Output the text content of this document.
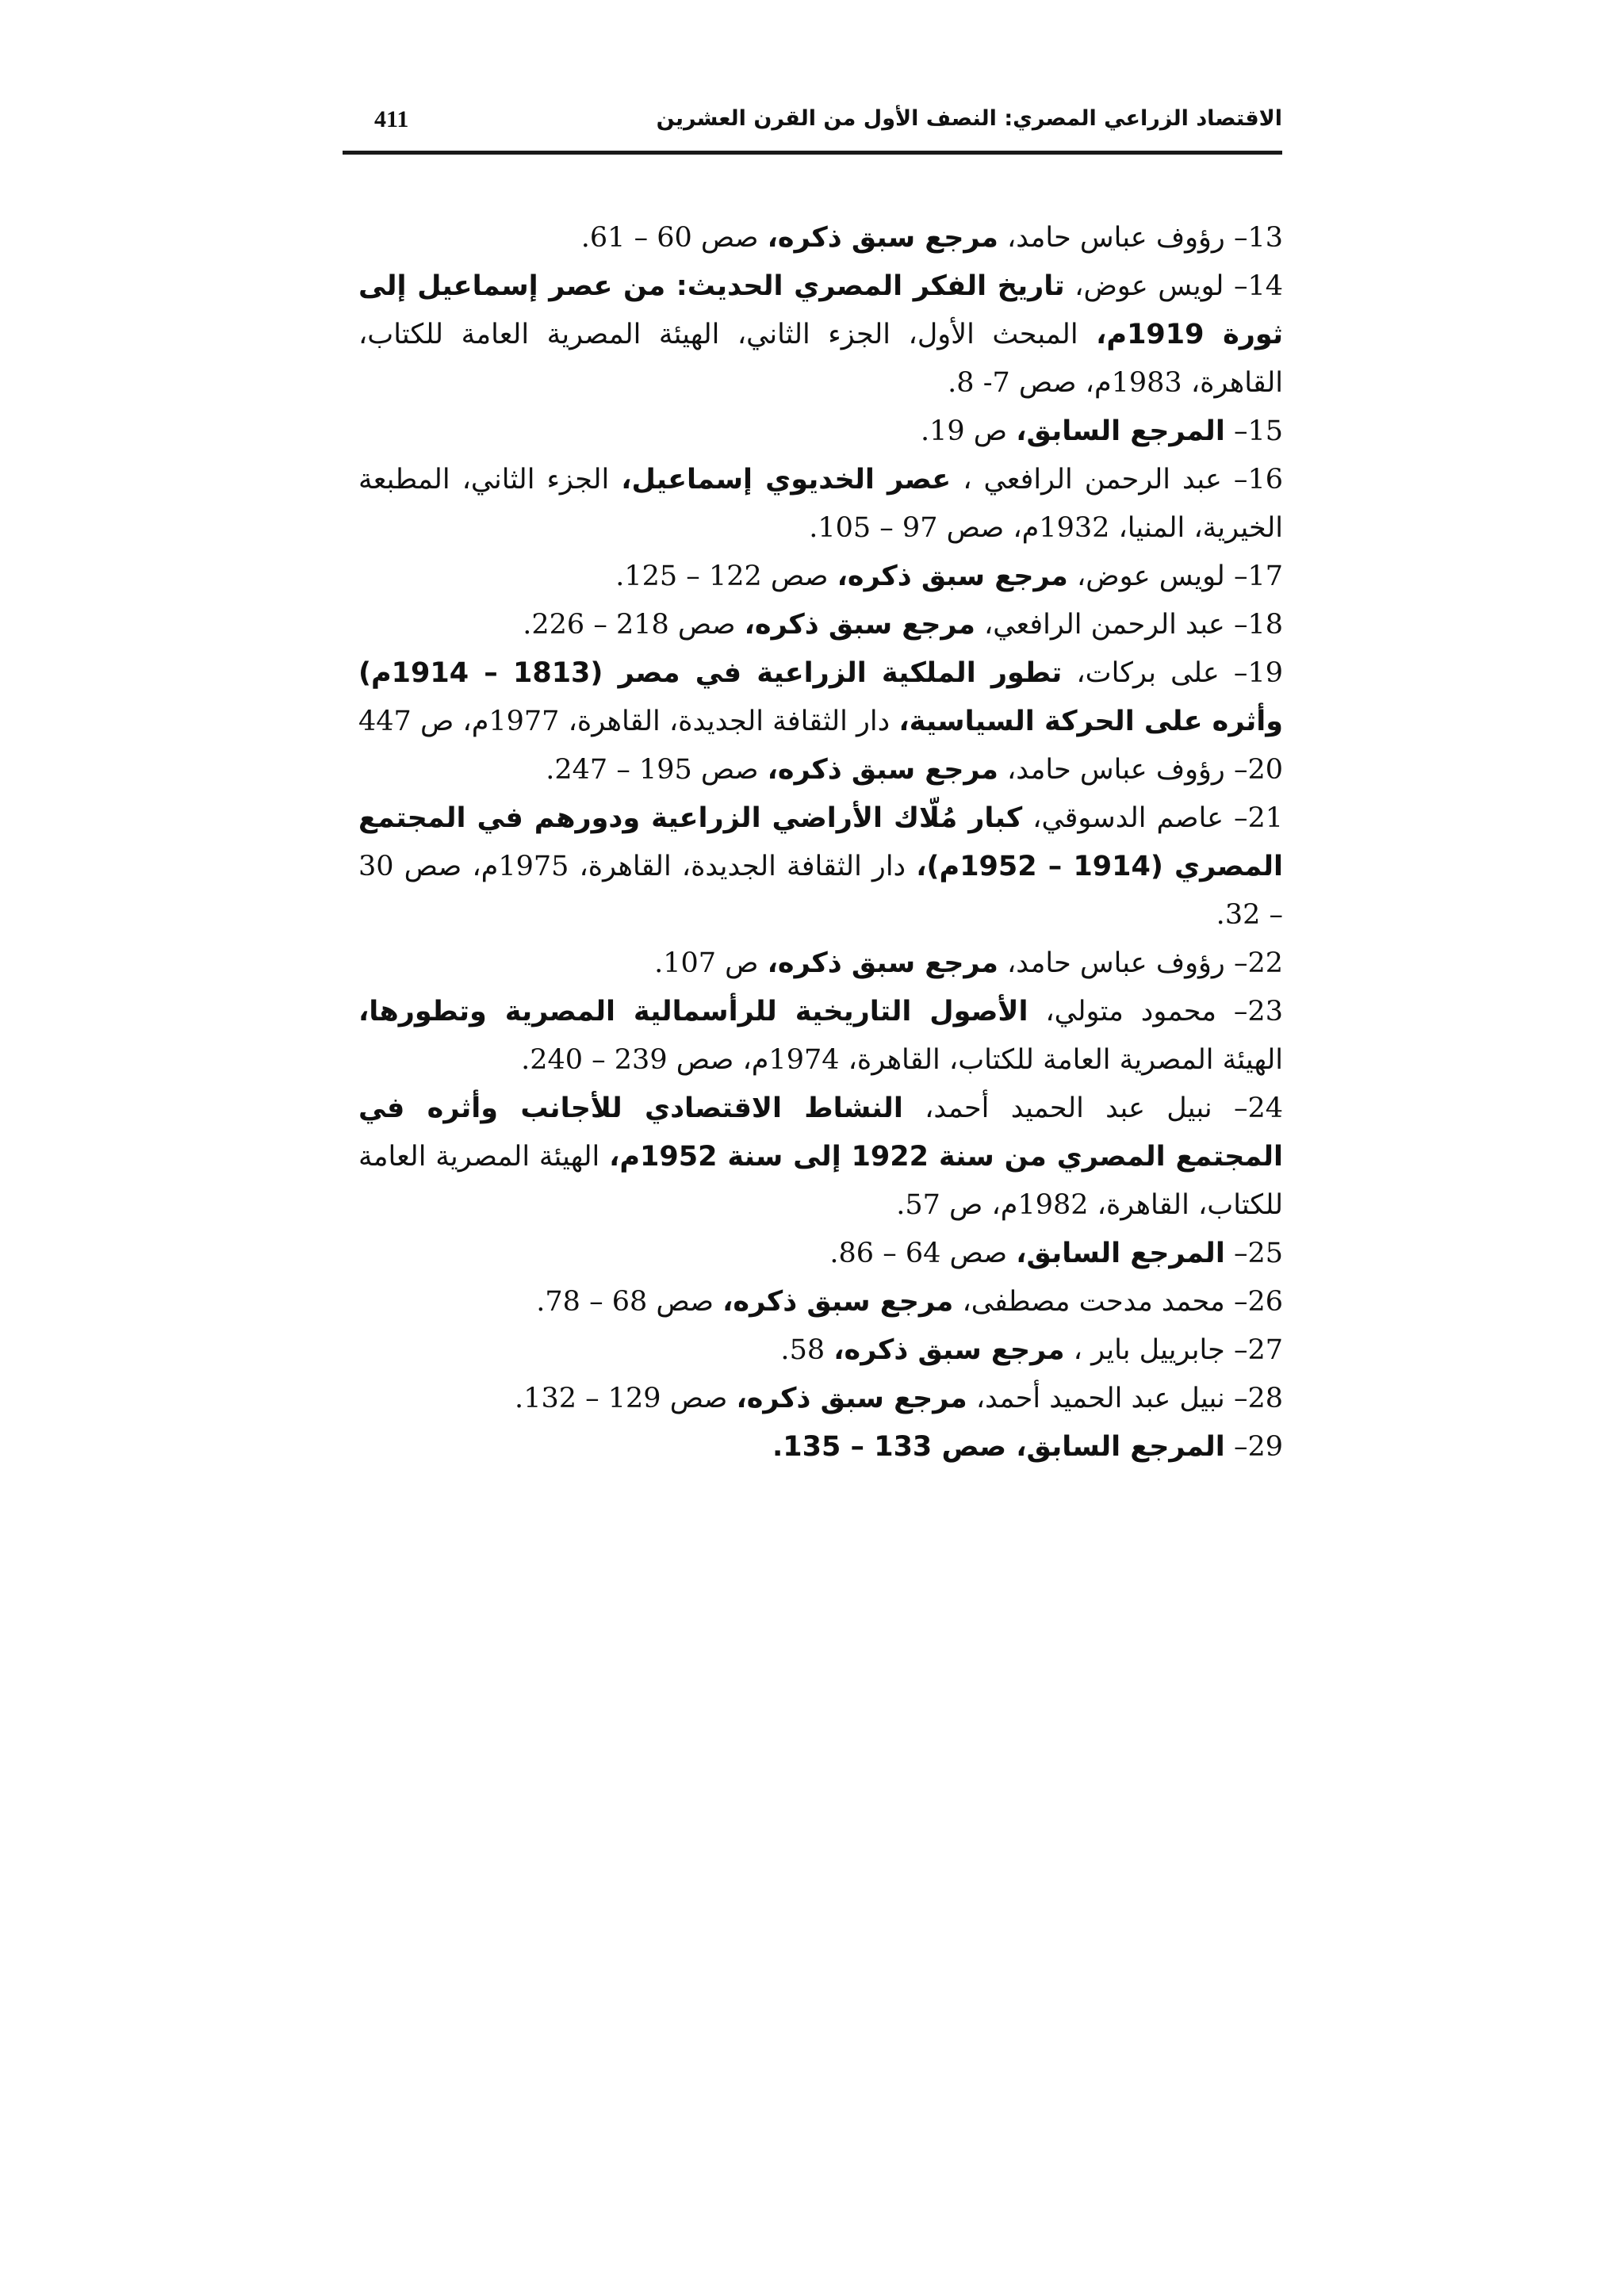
الاقتصاد الزراعي المصري: النصف الأول من القرن العشرين
411

13– رؤوف عباس حامد، مرجع سبق ذكره، صص 60 – 61.

14– لويس عوض، تاريخ الفكر المصري الحديث: من عصر إسماعيل إلى ثورة 1919م، المبحث الأول، الجزء الثاني، الهيئة المصرية العامة للكتاب، القاهرة، 1983م، صص 7- 8.

15– المرجع السابق، ص 19.

16– عبد الرحمن الرافعي ، عصر الخديوي إسماعيل، الجزء الثاني، المطبعة الخيرية، المنيا، 1932م، صص 97 – 105.

17– لويس عوض، مرجع سبق ذكره، صص 122 – 125.

18– عبد الرحمن الرافعي، مرجع سبق ذكره، صص 218 – 226.

19– على بركات، تطور الملكية الزراعية في مصر (1813 – 1914م) وأثره على الحركة السياسية، دار الثقافة الجديدة، القاهرة، 1977م، ص 447

20– رؤوف عباس حامد، مرجع سبق ذكره، صص 195 – 247.

21– عاصم الدسوقي، كبار مُلّاك الأراضي الزراعية ودورهم في المجتمع المصري (1914 – 1952م)، دار الثقافة الجديدة، القاهرة، 1975م، صص 30 – 32.

22– رؤوف عباس حامد، مرجع سبق ذكره، ص 107.

23– محمود متولي، الأصول التاريخية للرأسمالية المصرية وتطورها، الهيئة المصرية العامة للكتاب، القاهرة، 1974م، صص 239 – 240.

24– نبيل عبد الحميد أحمد، النشاط الاقتصادي للأجانب وأثره في المجتمع المصري من سنة 1922 إلى سنة 1952م، الهيئة المصرية العامة للكتاب، القاهرة، 1982م، ص 57.

25– المرجع السابق، صص 64 – 86.

26– محمد مدحت مصطفى، مرجع سبق ذكره، صص 68 – 78.

27– جابرييل باير ، مرجع سبق ذكره، 58.

28– نبيل عبد الحميد أحمد، مرجع سبق ذكره، صص 129 – 132.

29– المرجع السابق، صص 133 – 135.
